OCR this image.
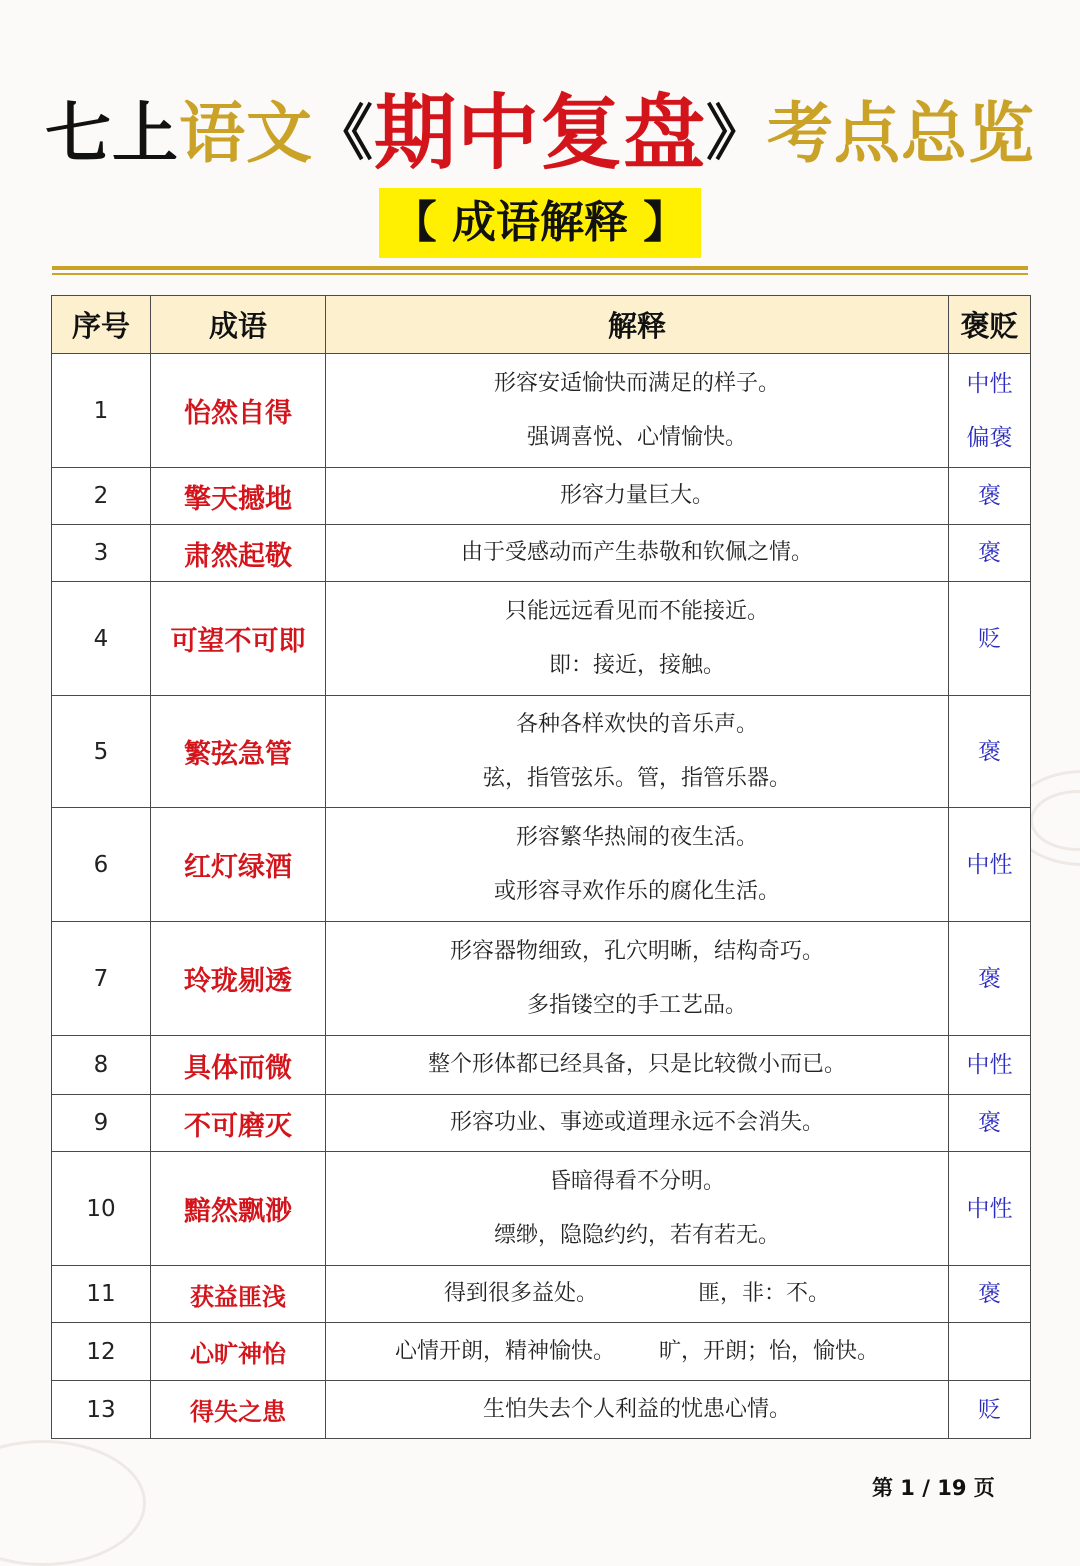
七上语文《期中复盘》考点总览
【 成语解释 】
序号	成语	解释	褒贬
1	怡然自得	形容安适愉快而满足的样子。
强调喜悦、心情愉快。	中性
偏褒

2	擎天撼地	形容力量巨大。	褒
3	肃然起敬	由于受感动而产生恭敬和钦佩之情。	褒
4	可望不可即	只能远远看见而不能接近。
即：接近，接触。	贬
5	繁弦急管	各种各样欢快的音乐声。
弦，指管弦乐。管，指管乐器。	褒
6	红灯绿酒	形容繁华热闹的夜生活。
或形容寻欢作乐的腐化生活。	中性
7	玲珑剔透	形容器物细致，孔穴明晰，结构奇巧。
多指镂空的手工艺品。	褒
8	具体而微	整个形体都已经具备，只是比较微小而已。	中性
9	不可磨灭	形容功业、事迹或道理永远不会消失。	褒
10	黯然飘渺	昏暗得看不分明。
缥缈，隐隐约约，若有若无。	中性
11	获益匪浅	得到很多益处。 匪，非：不。	褒
12	心旷神怡	心情开朗，精神愉快。 旷，开朗；怡，愉快。	
13	得失之患	生怕失去个人利益的忧患心情。	贬
第 1 / 19 页
